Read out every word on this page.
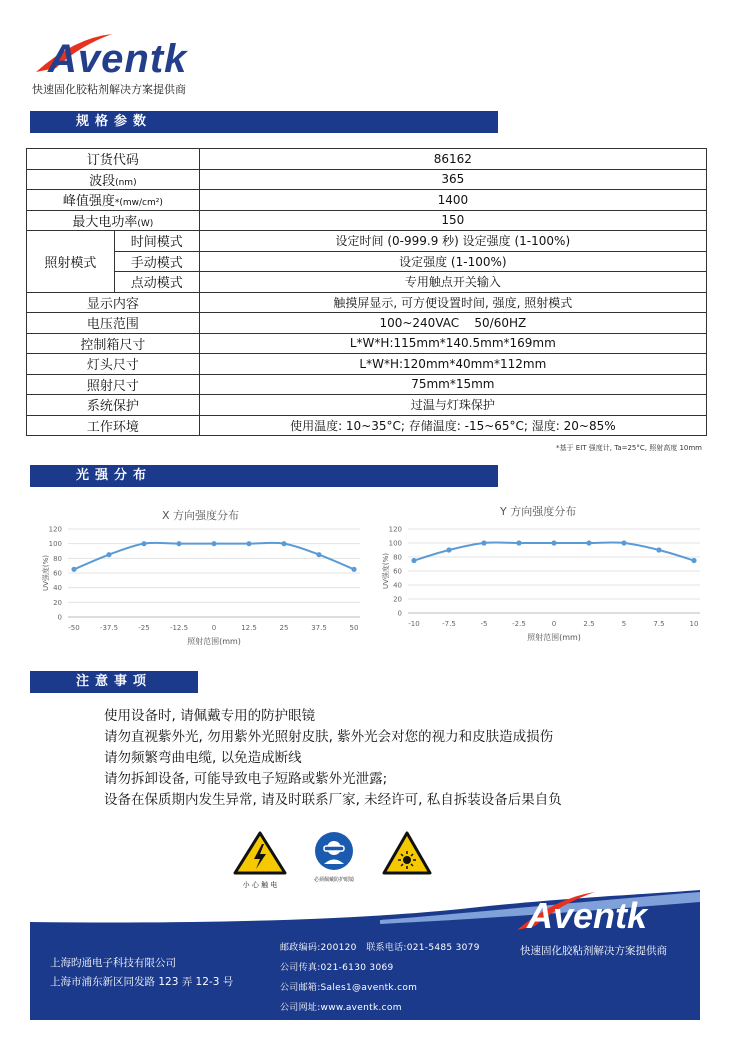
Aventk
快速固化胶粘剂解决方案提供商
规格参数
订货代码		86162
波段(nm)		365
峰值强度*(mw/cm²)		1400
最大电功率(W)		150
照射模式	时间模式	设定时间 (0-999.9 秒) 设定强度 (1-100%)
	手动模式	设定强度 (1-100%)
	点动模式	专用触点开关输入
显示内容		触摸屏显示, 可方便设置时间, 强度, 照射模式
电压范围		100~240VAC    50/60HZ
控制箱尺寸		L*W*H:115mm*140.5mm*169mm
灯头尺寸		L*W*H:120mm*40mm*112mm
照射尺寸		75mm*15mm
系统保护		过温与灯珠保护
工作环境		使用温度: 10~35°C; 存储温度: -15~65°C; 湿度: 20~85%
*基于 EIT 强度计, Ta=25°C, 照射高度 10mm
光强分布
X 方向强度分布
0
20
40
60
80
100
120
-50	-37.5	-25	-12.5	0	12.5	25	37.5	50
照射范围(mm)
UV强度(%)
Y 方向强度分布
0
20
40
60
80
100
120
-10	-7.5	-5	-2.5	0	2.5	5	7.5	10
照射范围(mm)
UV强度(%)
注意事项
使用设备时, 请佩戴专用的防护眼镜
请勿直视紫外光, 勿用紫外光照射皮肤, 紫外光会对您的视力和皮肤造成损伤
请勿频繁弯曲电缆, 以免造成断线
请勿拆卸设备, 可能导致电子短路或紫外光泄露;
设备在保质期内发生异常, 请及时联系厂家, 未经许可, 私自拆装设备后果自负
小 心 触 电
必须佩戴防护眼镜
Aventk
上海昀通电子科技有限公司
上海市浦东新区同发路 123 弄 12-3 号
邮政编码:200120 联系电话:021-5485 3079
公司传真:021-6130 3069
公司邮箱:Sales1@aventk.com
公司网址:www.aventk.com
快速固化胶粘剂解决方案提供商
